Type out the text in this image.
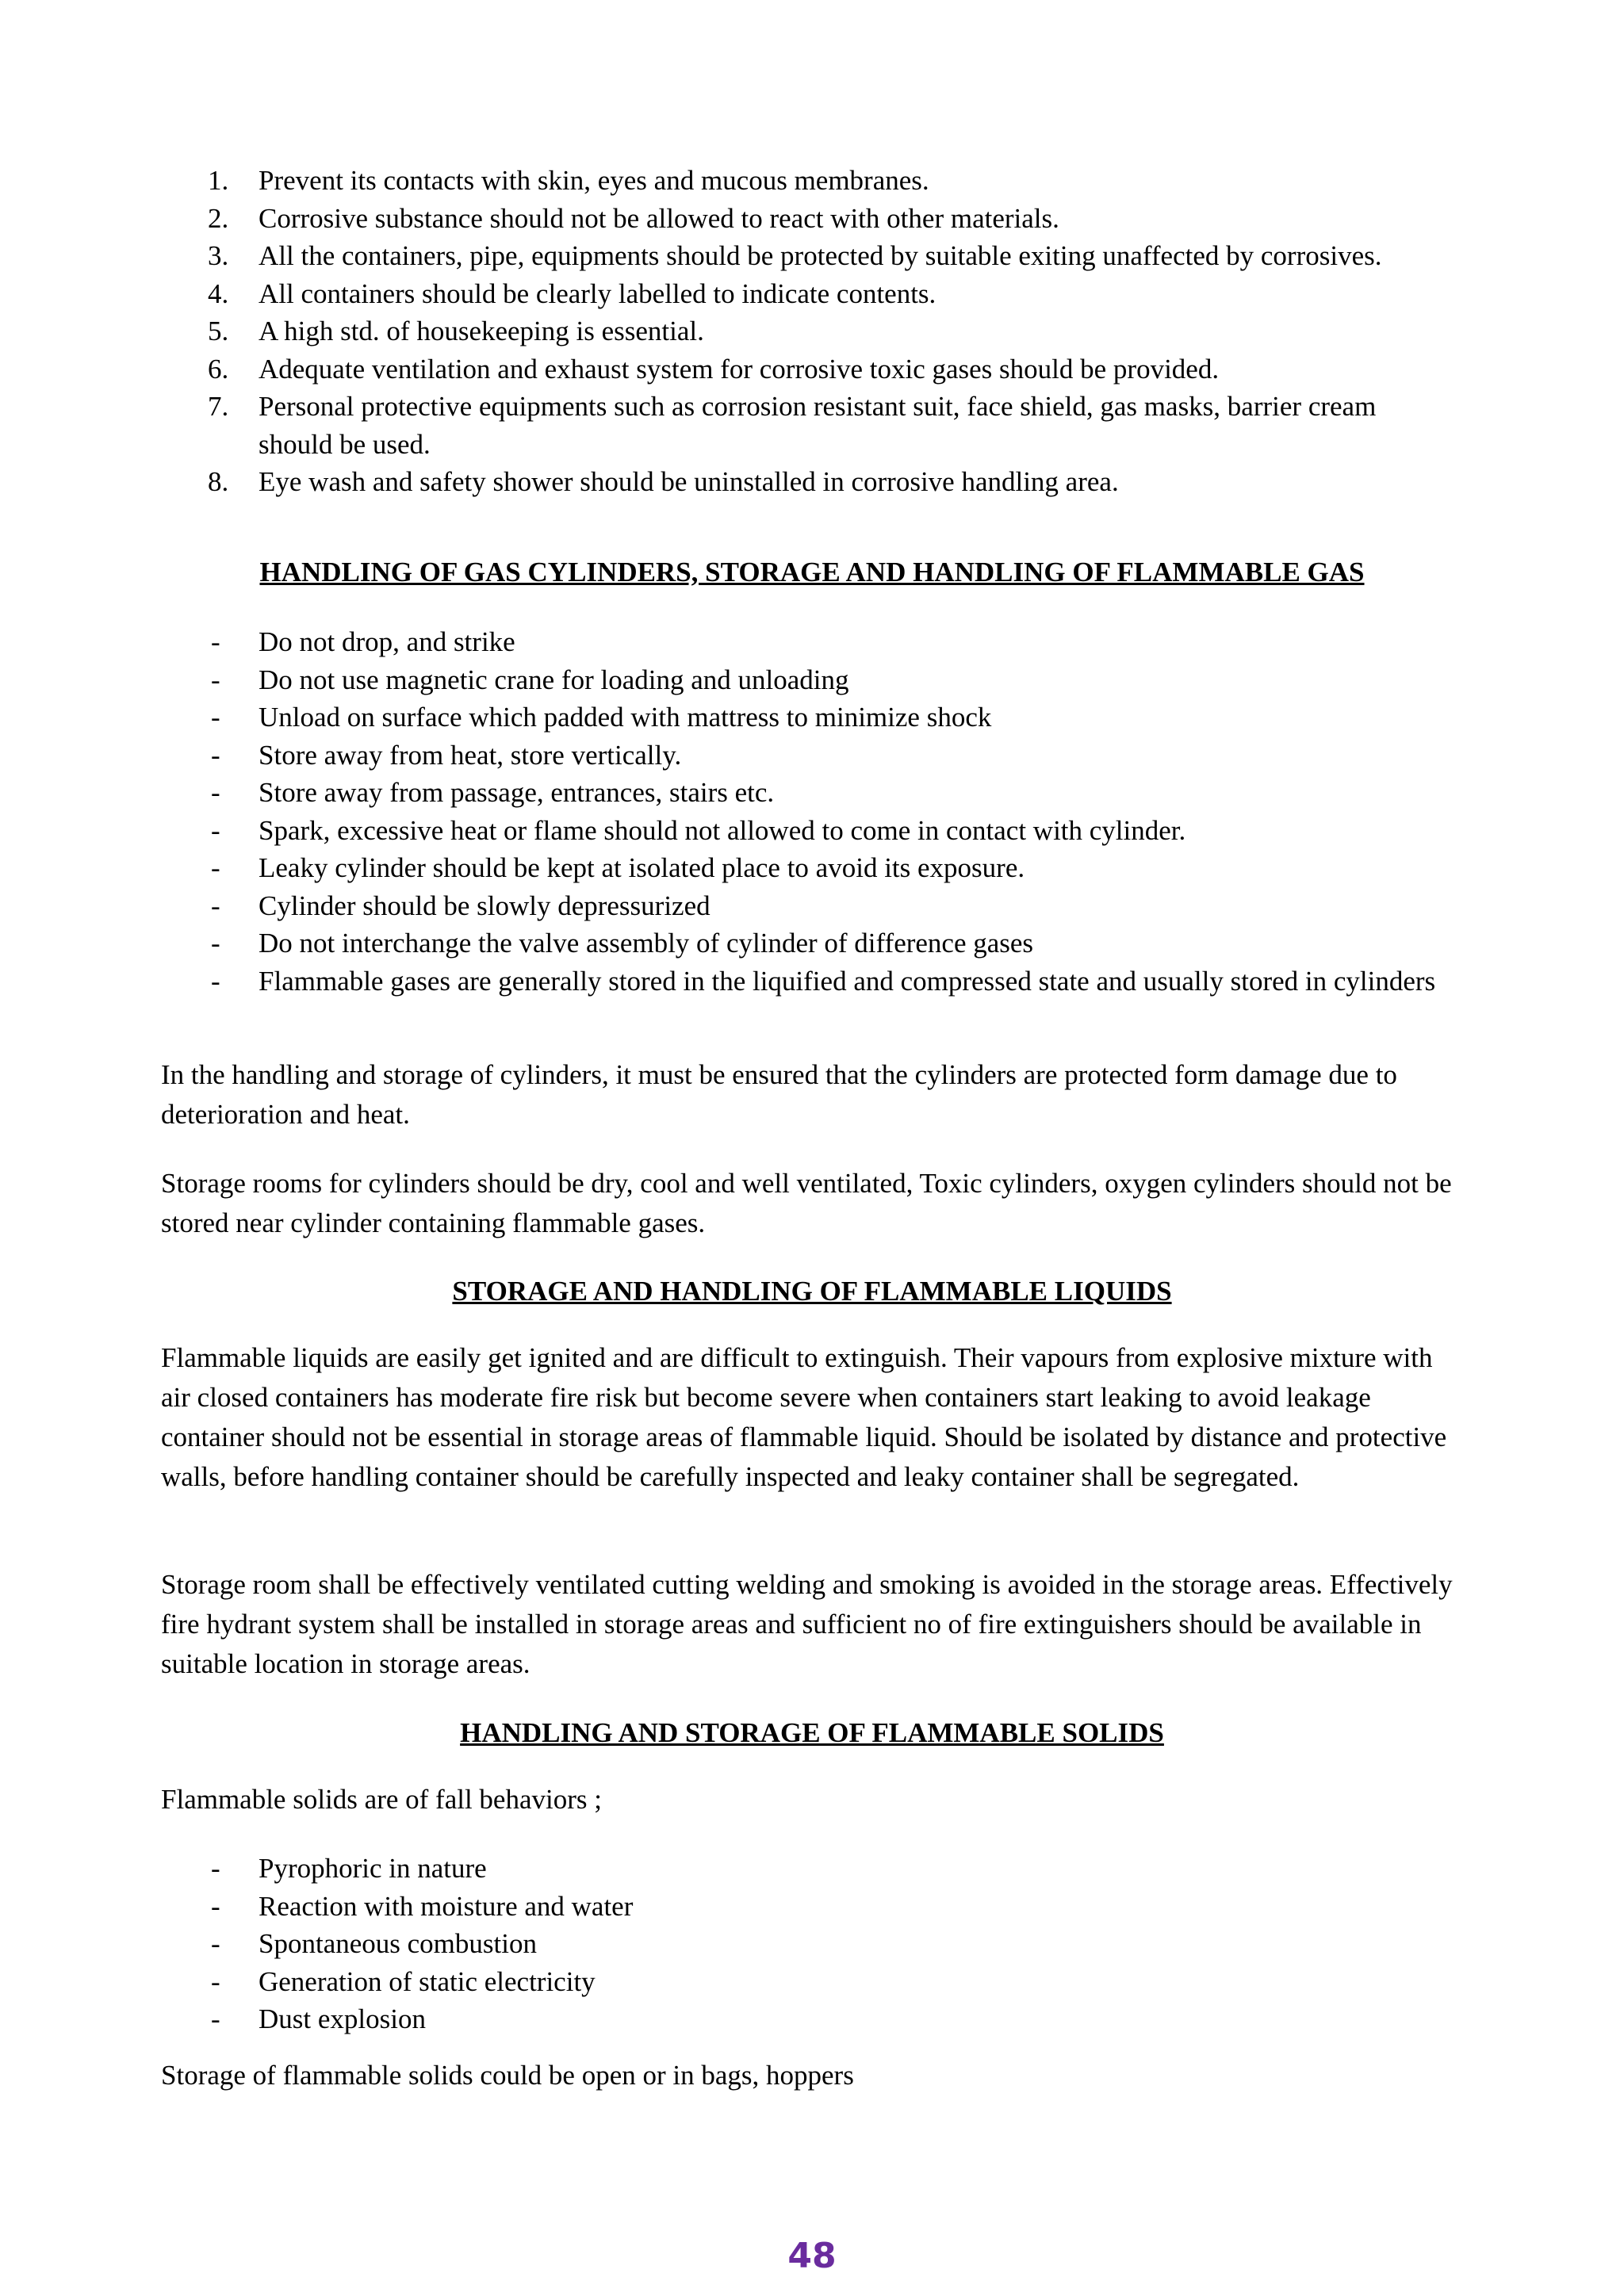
1. Prevent its contacts with skin, eyes and mucous membranes.
2. Corrosive substance should not be allowed to react with other materials.
3. All the containers, pipe, equipments should be protected by suitable exiting unaffected by corrosives.
4. All containers should be clearly labelled to indicate contents.
5. A high std. of housekeeping is essential.
6. Adequate ventilation and exhaust system for corrosive toxic gases should be provided.
7. Personal protective equipments such as corrosion resistant suit, face shield, gas masks, barrier cream should be used.
8. Eye wash and safety shower should be uninstalled in corrosive handling area.
HANDLING OF GAS CYLINDERS, STORAGE AND HANDLING OF FLAMMABLE GAS
- Do not drop, and strike
- Do not use magnetic crane for loading and unloading
- Unload on surface which padded with mattress to minimize shock
- Store away from heat, store vertically.
- Store away from passage, entrances, stairs etc.
- Spark, excessive heat or flame should not allowed to come in contact with cylinder.
- Leaky cylinder should be kept at isolated place to avoid its exposure.
- Cylinder should be slowly depressurized
- Do not interchange the valve assembly of cylinder of difference gases
- Flammable gases are generally stored in the liquified and compressed state and usually stored in cylinders

In the handling and storage of cylinders, it must be ensured that the cylinders are protected form damage due to deterioration and heat.

Storage rooms for cylinders should be dry, cool and well ventilated, Toxic cylinders, oxygen cylinders should not be stored near cylinder containing flammable gases.

STORAGE AND HANDLING OF FLAMMABLE LIQUIDS

Flammable liquids are easily get ignited and are difficult to extinguish. Their vapours from explosive mixture with air closed containers has moderate fire risk but become severe when containers start leaking to avoid leakage container should not be essential in storage areas of flammable liquid. Should be isolated by distance and protective walls, before handling container should be carefully inspected and leaky container shall be segregated.

Storage room shall be effectively ventilated cutting welding and smoking is avoided in the storage areas. Effectively fire hydrant system shall be installed in storage areas and sufficient no of fire extinguishers should be available in suitable location in storage areas.

HANDLING AND STORAGE OF FLAMMABLE SOLIDS

Flammable solids are of fall behaviors ;

- Pyrophoric in nature
- Reaction with moisture and water
- Spontaneous combustion
- Generation of static electricity
- Dust explosion

Storage of flammable solids could be open or in bags, hoppers

48
